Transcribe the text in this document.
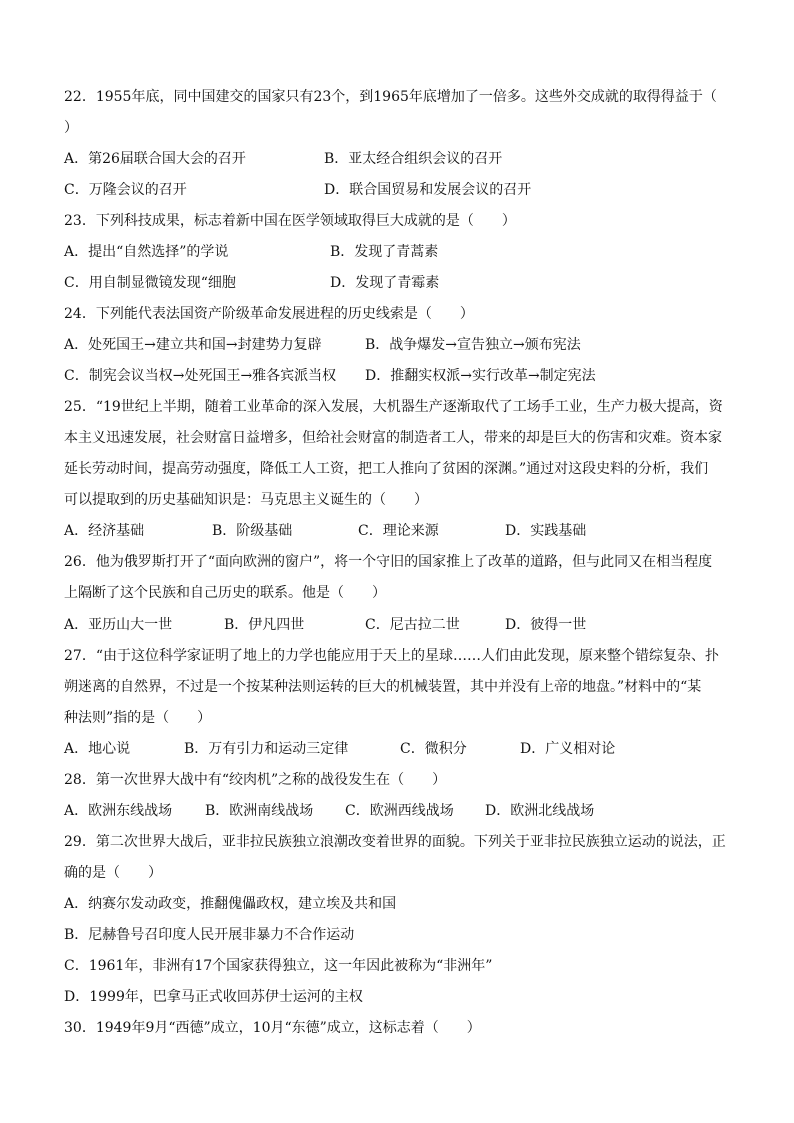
22．1955年底，同中国建交的国家只有23个，到1965年底增加了一倍多。这些外交成就的取得得益于（
）
A．第26届联合国大会的召开	B．亚太经合组织会议的召开
C．万隆会议的召开	D．联合国贸易和发展会议的召开
23．下列科技成果，标志着新中国在医学领域取得巨大成就的是（　　）
A．提出“自然选择”的学说	B．发现了青蒿素
C．用自制显微镜发现“细胞	D．发现了青霉素
24．下列能代表法国资产阶级革命发展进程的历史线索是（　　）
A．处死国王→建立共和国→封建势力复辟	B．战争爆发→宣告独立→颁布宪法
C．制宪会议当权→处死国王→雅各宾派当权 D．推翻实权派→实行改革→制定宪法
25．“19世纪上半期，随着工业革命的深入发展，大机器生产逐渐取代了工场手工业，生产力极大提高，资
本主义迅速发展，社会财富日益增多，但给社会财富的制造者工人，带来的却是巨大的伤害和灾难。资本家
延长劳动时间，提高劳动强度，降低工人工资，把工人推向了贫困的深渊。”通过对这段史料的分析，我们
可以提取到的历史基础知识是：马克思主义诞生的（　　）
A．经济基础	B．阶级基础	C．理论来源	D．实践基础
26．他为俄罗斯打开了“面向欧洲的窗户”，将一个守旧的国家推上了改革的道路，但与此同又在相当程度
上隔断了这个民族和自己历史的联系。他是（　　）
A．亚历山大一世	B．伊凡四世	C．尼古拉二世	D．彼得一世
27．“由于这位科学家证明了地上的力学也能应用于天上的星球……人们由此发现，原来整个错综复杂、扑
朔迷离的自然界，不过是一个按某种法则运转的巨大的机械装置，其中并没有上帝的地盘。”材料中的“某
种法则”指的是（　　）
A．地心说	B．万有引力和运动三定律	C．微积分	D．广义相对论
28．第一次世界大战中有“绞肉机”之称的战役发生在（　　）
A．欧洲东线战场 B．欧洲南线战场 C．欧洲西线战场 D．欧洲北线战场
29．第二次世界大战后，亚非拉民族独立浪潮改变着世界的面貌。下列关于亚非拉民族独立运动的说法，正
确的是（　　）
A．纳赛尔发动政变，推翻傀儡政权，建立埃及共和国
B．尼赫鲁号召印度人民开展非暴力不合作运动
C．1961年，非洲有17个国家获得独立，这一年因此被称为“非洲年”
D．1999年，巴拿马正式收回苏伊士运河的主权
30．1949年9月“西德”成立，10月“东德”成立，这标志着（　　）
